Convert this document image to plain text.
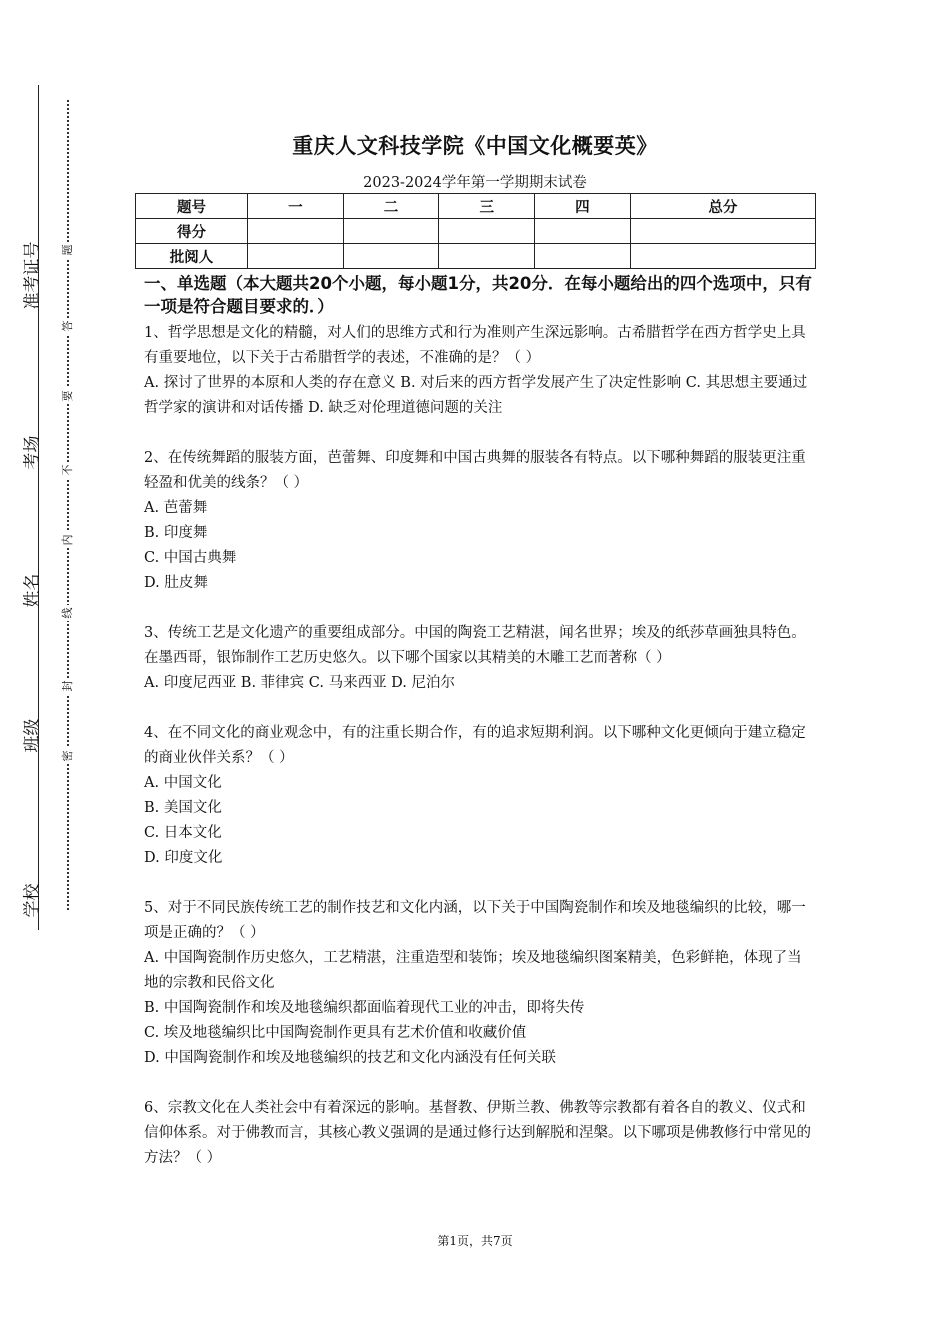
学校
班级
姓名
考场
准考证号 题
答
要
不
内
线
封
密
重庆人文科技学院《中国文化概要英》
2023-2024学年第一学期期末试卷
题号	一	二	三	四	总分
得分					
批阅人					

一、单选题（本大题共20个小题，每小题1分，共20分．在每小题给出的四个选项中，只有一项是符合题目要求的．）

1、哲学思想是文化的精髓，对人们的思维方式和行为准则产生深远影响。古希腊哲学在西方哲学史上具有重要地位，以下关于古希腊哲学的表述，不准确的是？（ ）

A. 探讨了世界的本原和人类的存在意义 B. 对后来的西方哲学发展产生了决定性影响 C. 其思想主要通过哲学家的演讲和对话传播 D. 缺乏对伦理道德问题的关注

2、在传统舞蹈的服装方面，芭蕾舞、印度舞和中国古典舞的服装各有特点。以下哪种舞蹈的服装更注重轻盈和优美的线条？（ ）

A. 芭蕾舞

B. 印度舞

C. 中国古典舞

D. 肚皮舞

3、传统工艺是文化遗产的重要组成部分。中国的陶瓷工艺精湛，闻名世界；埃及的纸莎草画独具特色。在墨西哥，银饰制作工艺历史悠久。以下哪个国家以其精美的木雕工艺而著称（ ）

A. 印度尼西亚 B. 菲律宾 C. 马来西亚 D. 尼泊尔

4、在不同文化的商业观念中，有的注重长期合作，有的追求短期利润。以下哪种文化更倾向于建立稳定的商业伙伴关系？（ ）

A. 中国文化

B. 美国文化

C. 日本文化

D. 印度文化

5、对于不同民族传统工艺的制作技艺和文化内涵，以下关于中国陶瓷制作和埃及地毯编织的比较，哪一项是正确的？（ ）

A. 中国陶瓷制作历史悠久，工艺精湛，注重造型和装饰；埃及地毯编织图案精美，色彩鲜艳，体现了当地的宗教和民俗文化

B. 中国陶瓷制作和埃及地毯编织都面临着现代工业的冲击，即将失传

C. 埃及地毯编织比中国陶瓷制作更具有艺术价值和收藏价值

D. 中国陶瓷制作和埃及地毯编织的技艺和文化内涵没有任何关联

6、宗教文化在人类社会中有着深远的影响。基督教、伊斯兰教、佛教等宗教都有着各自的教义、仪式和信仰体系。对于佛教而言，其核心教义强调的是通过修行达到解脱和涅槃。以下哪项是佛教修行中常见的方法？（ ）

第1页，共7页
